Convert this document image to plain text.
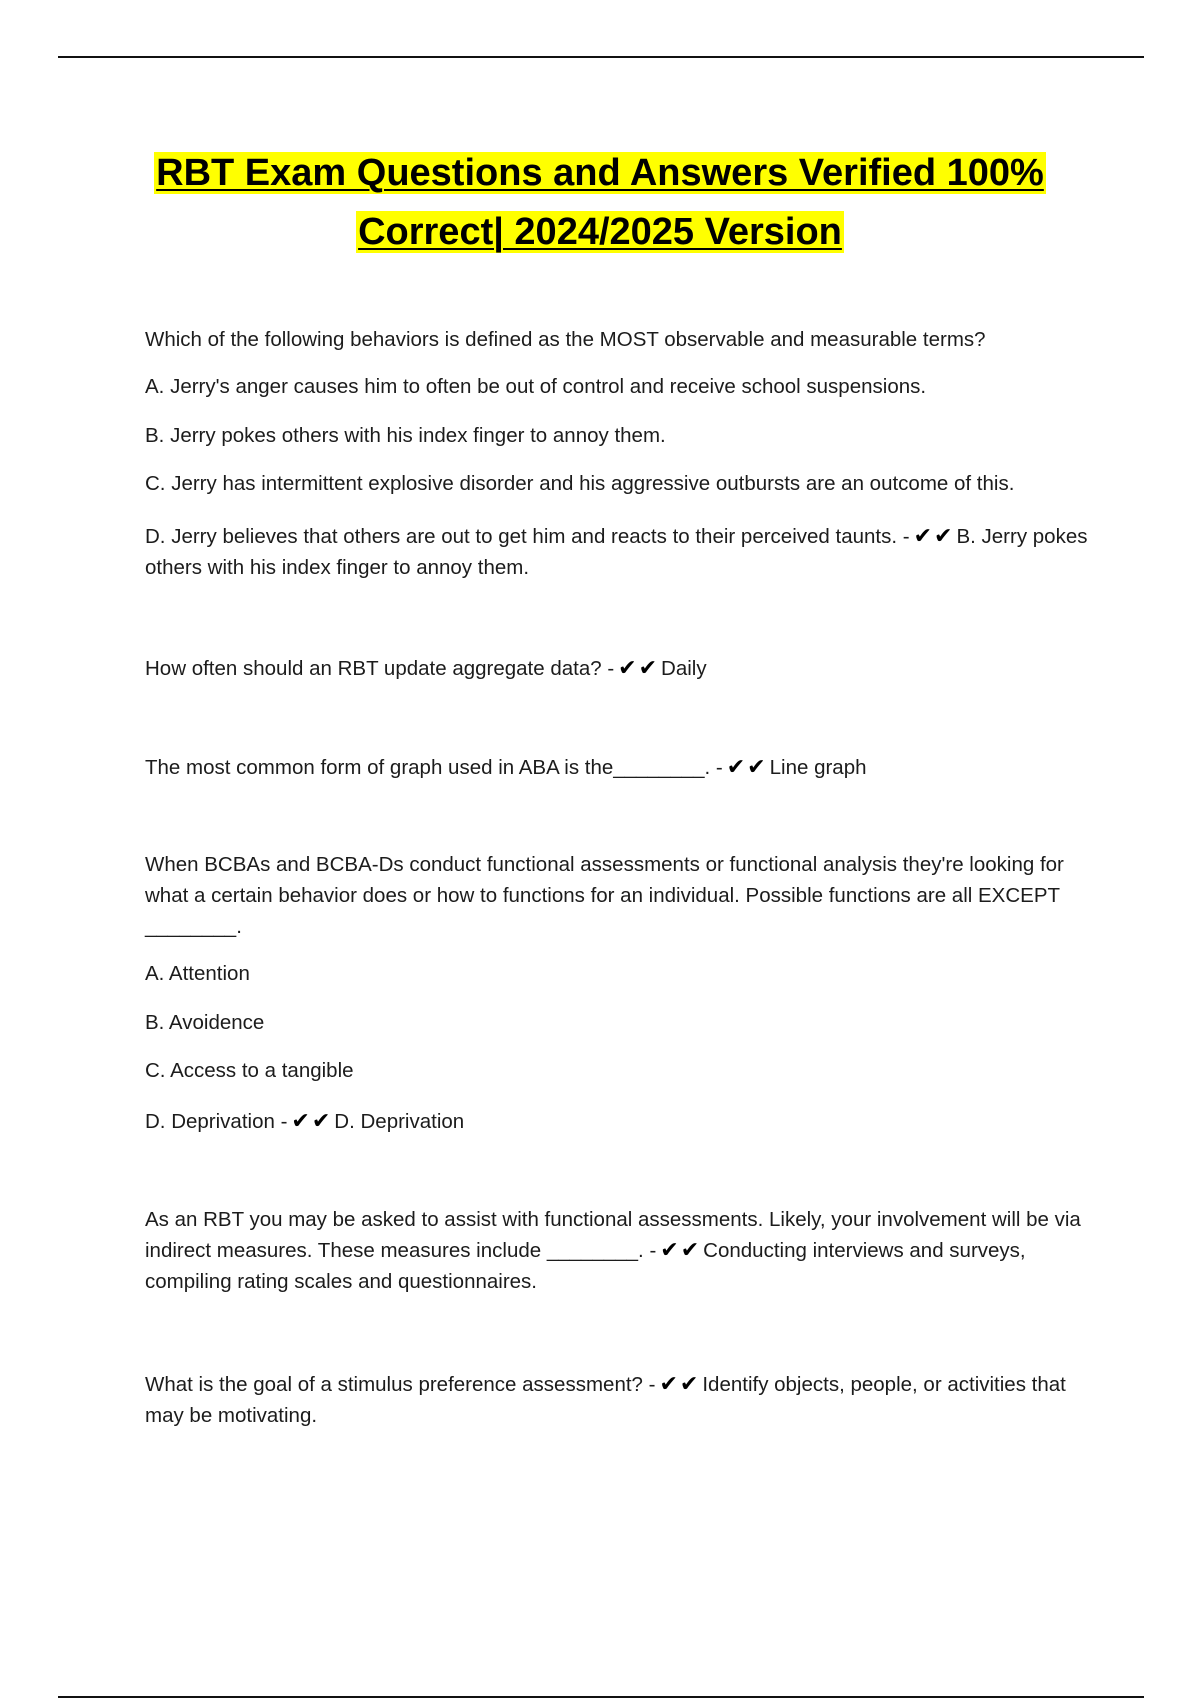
RBT Exam Questions and Answers Verified 100%
Correct| 2024/2025 Version
Which of the following behaviors is defined as the MOST observable and measurable terms?
A. Jerry's anger causes him to often be out of control and receive school suspensions.
B. Jerry pokes others with his index finger to annoy them.
C. Jerry has intermittent explosive disorder and his aggressive outbursts are an outcome of this.
D. Jerry believes that others are out to get him and reacts to their perceived taunts. - ✔✔B. Jerry pokes others with his index finger to annoy them.
How often should an RBT update aggregate data? - ✔✔Daily
The most common form of graph used in ABA is the________. - ✔✔Line graph
When BCBAs and BCBA-Ds conduct functional assessments or functional analysis they're looking for what a certain behavior does or how to functions for an individual. Possible functions are all EXCEPT ________.
A. Attention
B. Avoidence
C. Access to a tangible
D. Deprivation - ✔✔D. Deprivation
As an RBT you may be asked to assist with functional assessments. Likely, your involvement will be via indirect measures. These measures include ________. - ✔✔Conducting interviews and surveys, compiling rating scales and questionnaires.
What is the goal of a stimulus preference assessment? - ✔✔Identify objects, people, or activities that may be motivating.
